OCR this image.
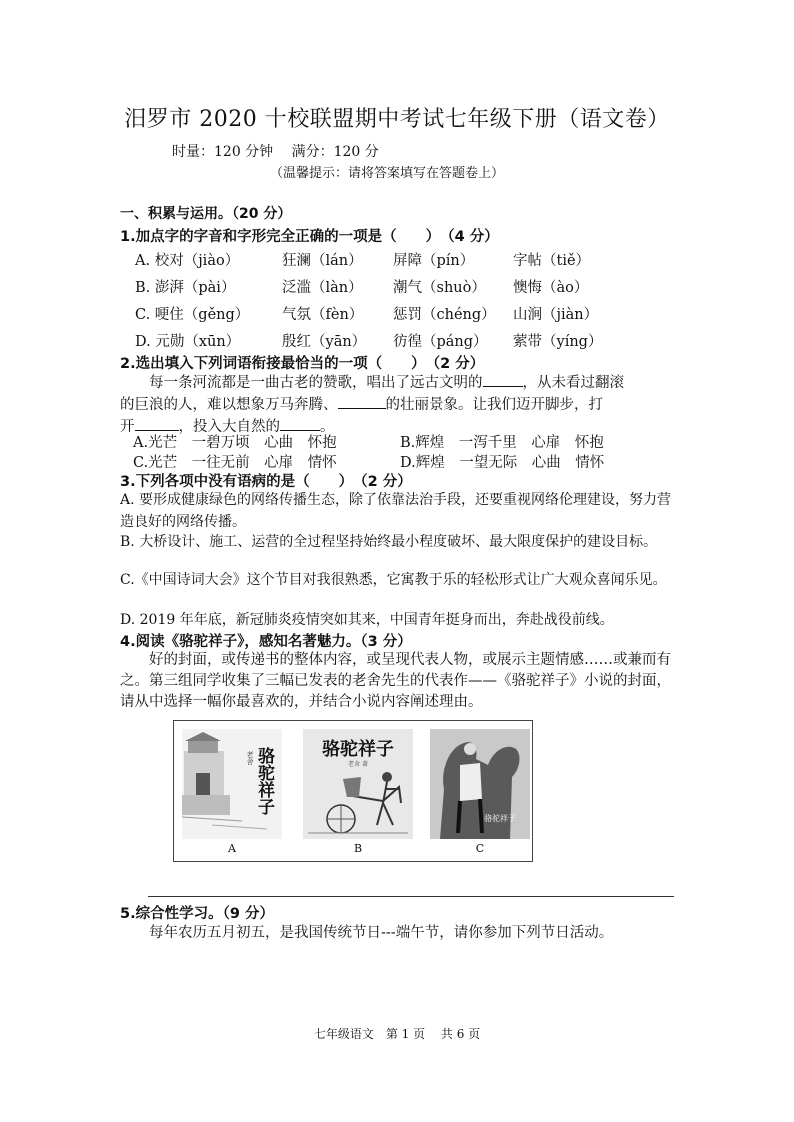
汨罗市 2020 十校联盟期中考试七年级下册（语文卷）
时量：120 分钟　 满分：120 分
（温馨提示：请将答案填写在答题卷上）
一、积累与运用。（20 分）
1.加点字的字音和字形完全正确的一项是（　　）　（4 分）
A. 校对（jiào）	狂澜（lán） 屏障（pín）	字帖（tiě）
B. 澎湃（pài）	泛滥（làn） 潮气（shuò） 懊悔（ào）
C. 哽住（gěng） 气氛（fèn） 惩罚（chéng） 山涧（jiàn）
D. 元勋（xūn）	殷红（yān） 彷徨（páng） 萦带（yíng）
2.选出填入下列词语衔接最恰当的一项（　　）　（2 分）
每一条河流都是一曲古老的赞歌，唱出了远古文明的	，从未看过翻滚

的巨浪的人，难以想象万马奔腾、	的壮丽景象。让我们迈开脚步，打
开	，投入大自然的	。
A.光芒　一碧万顷　心曲　怀抱	B.辉煌　一泻千里　心扉　怀抱
C.光芒　一往无前　心扉　情怀	D.辉煌　一望无际　心曲　情怀
3.下列各项中没有语病的是（　　）　（2 分）
A. 要形成健康绿色的网络传播生态，除了依靠法治手段，还要重视网络伦理建设，努力营造良好的网络传播。
B. 大桥设计、施工、运营的全过程坚持始终最小程度破坏、最大限度保护的建设目标。
C.《中国诗词大会》这个节目对我很熟悉，它寓教于乐的轻松形式让广大观众喜闻乐见。
D. 2019 年年底，新冠肺炎疫情突如其来，中国青年挺身而出，奔赴战役前线。
4.阅读《骆驼祥子》，感知名著魅力。（3 分）
好的封面，或传递书的整体内容，或呈现代表人物，或展示主题情感……或兼而有之。第三组同学收集了三幅已发表的老舍先生的代表作——《骆驼祥子》小说的封面，请从中选择一幅你最喜欢的，并结合小说内容阐述理由。
老舍 骆驼祥子
A
骆驼祥子
老舍 著
B
骆驼祥子
C
5.综合性学习。（9 分）
每年农历五月初五，是我国传统节日---端午节，请你参加下列节日活动。
七年级语文　第 1 页　 共 6 页
